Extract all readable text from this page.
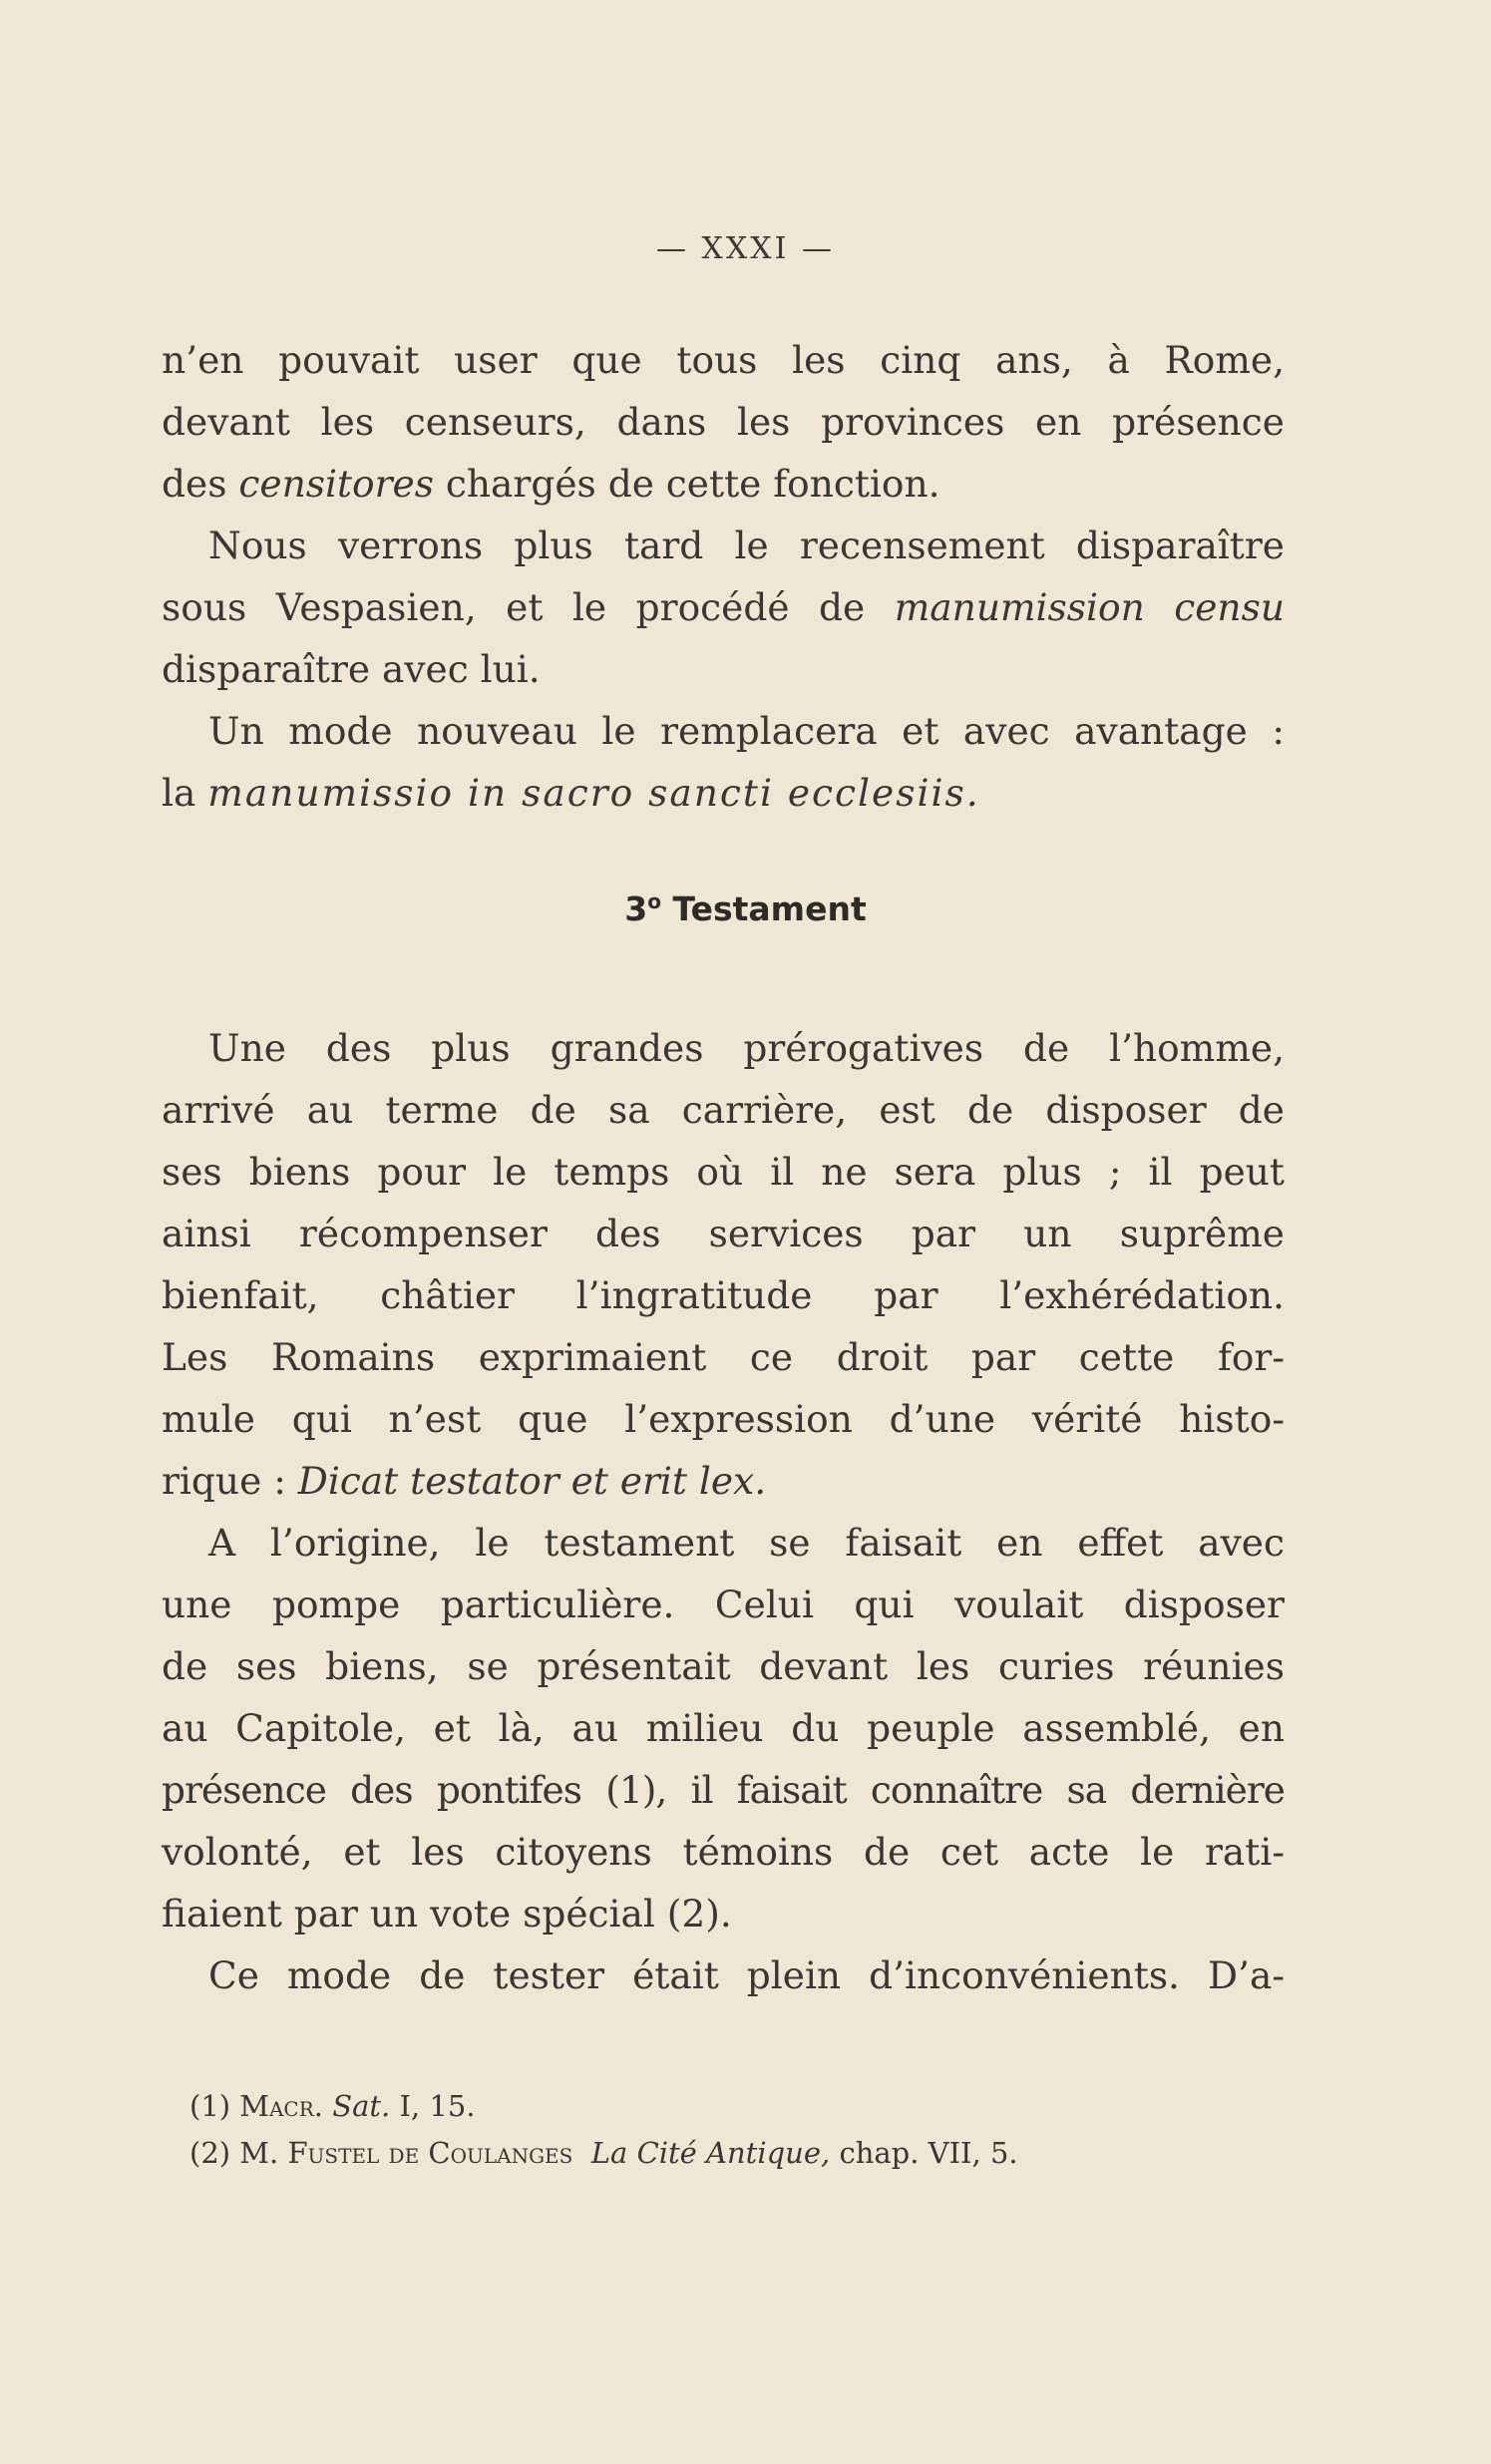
— XXXI —
n’en pouvait user que tous les cinq ans, à Rome,
devant les censeurs, dans les provinces en présence
des censitores chargés de cette fonction.
Nous verrons plus tard le recensement disparaître
sous Vespasien, et le procédé de manumission censu
disparaître avec lui.
Un mode nouveau le remplacera et avec avantage :
la manumissio in sacro sancti ecclesiis.
Une des plus grandes prérogatives de l’homme,
arrivé au terme de sa carrière, est de disposer de
ses biens pour le temps où il ne sera plus ; il peut
ainsi récompenser des services par un suprême
bienfait, châtier l’ingratitude par l’exhérédation.
Les Romains exprimaient ce droit par cette for-
mule qui n’est que l’expression d’une vérité histo-
rique : Dicat testator et erit lex.
A l’origine, le testament se faisait en effet avec
une pompe particulière. Celui qui voulait disposer
de ses biens, se présentait devant les curies réunies
au Capitole, et là, au milieu du peuple assemblé, en
présence des pontifes (1), il faisait connaître sa dernière
volonté, et les citoyens témoins de cet acte le rati-
fiaient par un vote spécial (2).
Ce mode de tester était plein d’inconvénients. D’a-
3$^o$ Testament
(1) Macr. Sat. I, 15.
(2) M. Fustel de Coulanges La Cité Antique, chap. VII, 5.
